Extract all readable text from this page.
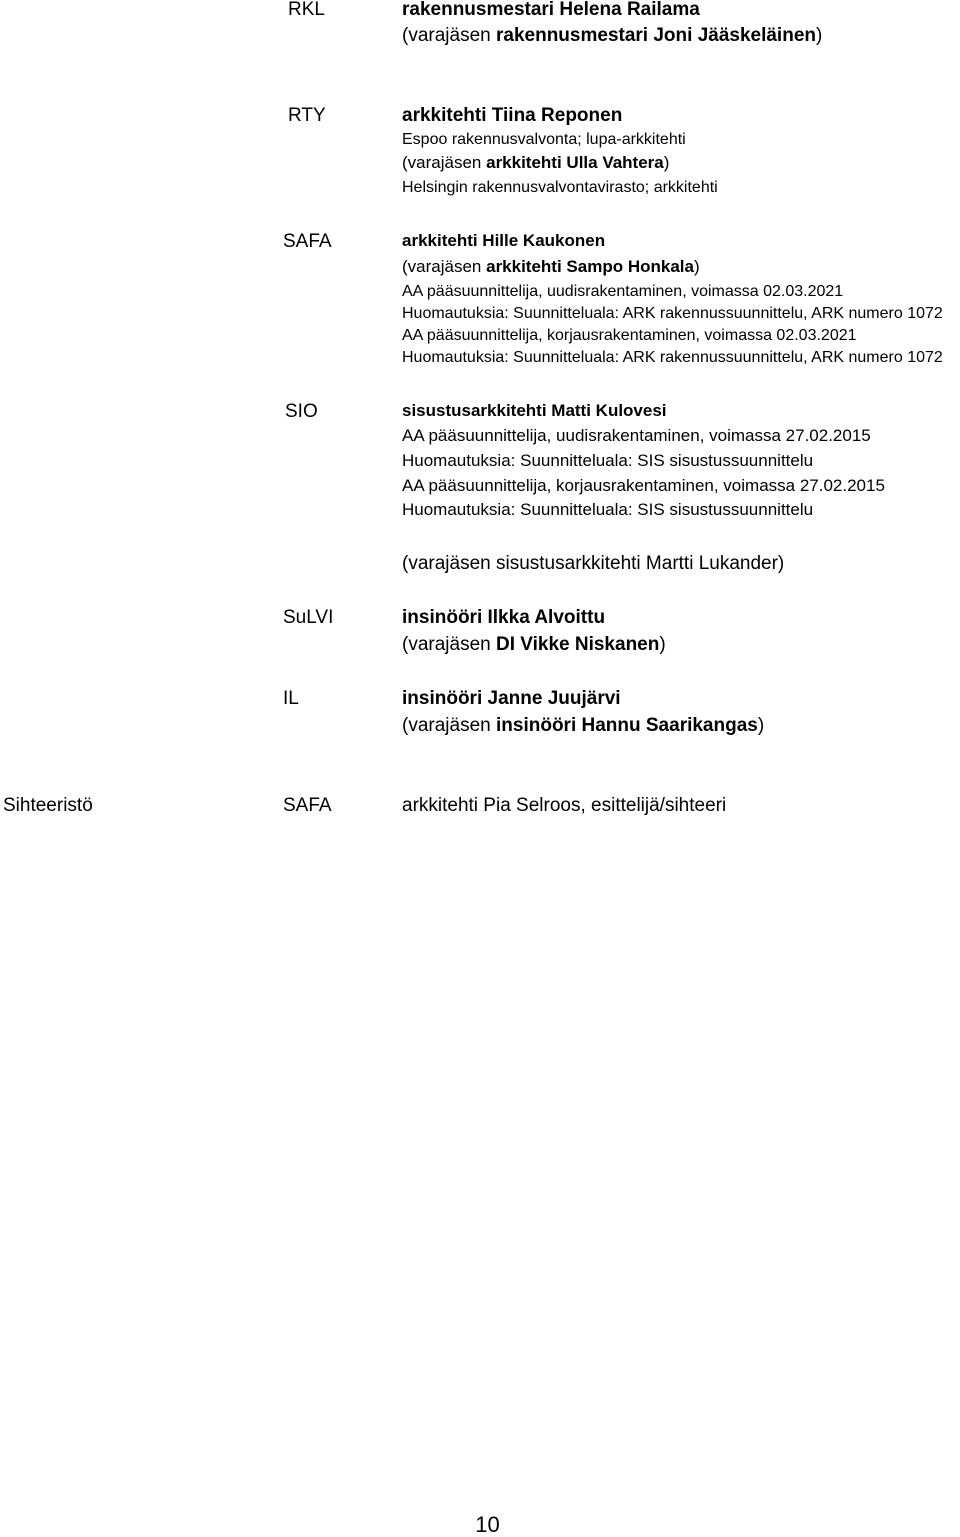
RKL	rakennusmestari Helena Railama
(varajäsen rakennusmestari Joni Jääskeläinen)
RTY	arkkitehti Tiina Reponen
Espoo rakennusvalvonta; lupa-arkkitehti
(varajäsen arkkitehti Ulla Vahtera)
Helsingin rakennusvalvontavirasto; arkkitehti
SAFA	arkkitehti Hille Kaukonen
(varajäsen arkkitehti Sampo Honkala)
AA pääsuunnittelija, uudisrakentaminen, voimassa 02.03.2021
Huomautuksia: Suunnitteluala: ARK rakennussuunnittelu, ARK numero 1072
AA pääsuunnittelija, korjausrakentaminen, voimassa 02.03.2021
Huomautuksia: Suunnitteluala: ARK rakennussuunnittelu, ARK numero 1072
SIO	sisustusarkkitehti Matti Kulovesi
AA pääsuunnittelija, uudisrakentaminen, voimassa 27.02.2015
Huomautuksia: Suunnitteluala: SIS sisustussuunnittelu
AA pääsuunnittelija, korjausrakentaminen, voimassa 27.02.2015
Huomautuksia: Suunnitteluala: SIS sisustussuunnittelu
(varajäsen sisustusarkkitehti Martti Lukander)
SuLVI	insinööri Ilkka Alvoittu
(varajäsen DI Vikke Niskanen)
IL	insinööri Janne Juujärvi
(varajäsen insinööri Hannu Saarikangas)
Sihteeristö	SAFA	arkkitehti Pia Selroos, esittelijä/sihteeri
10
